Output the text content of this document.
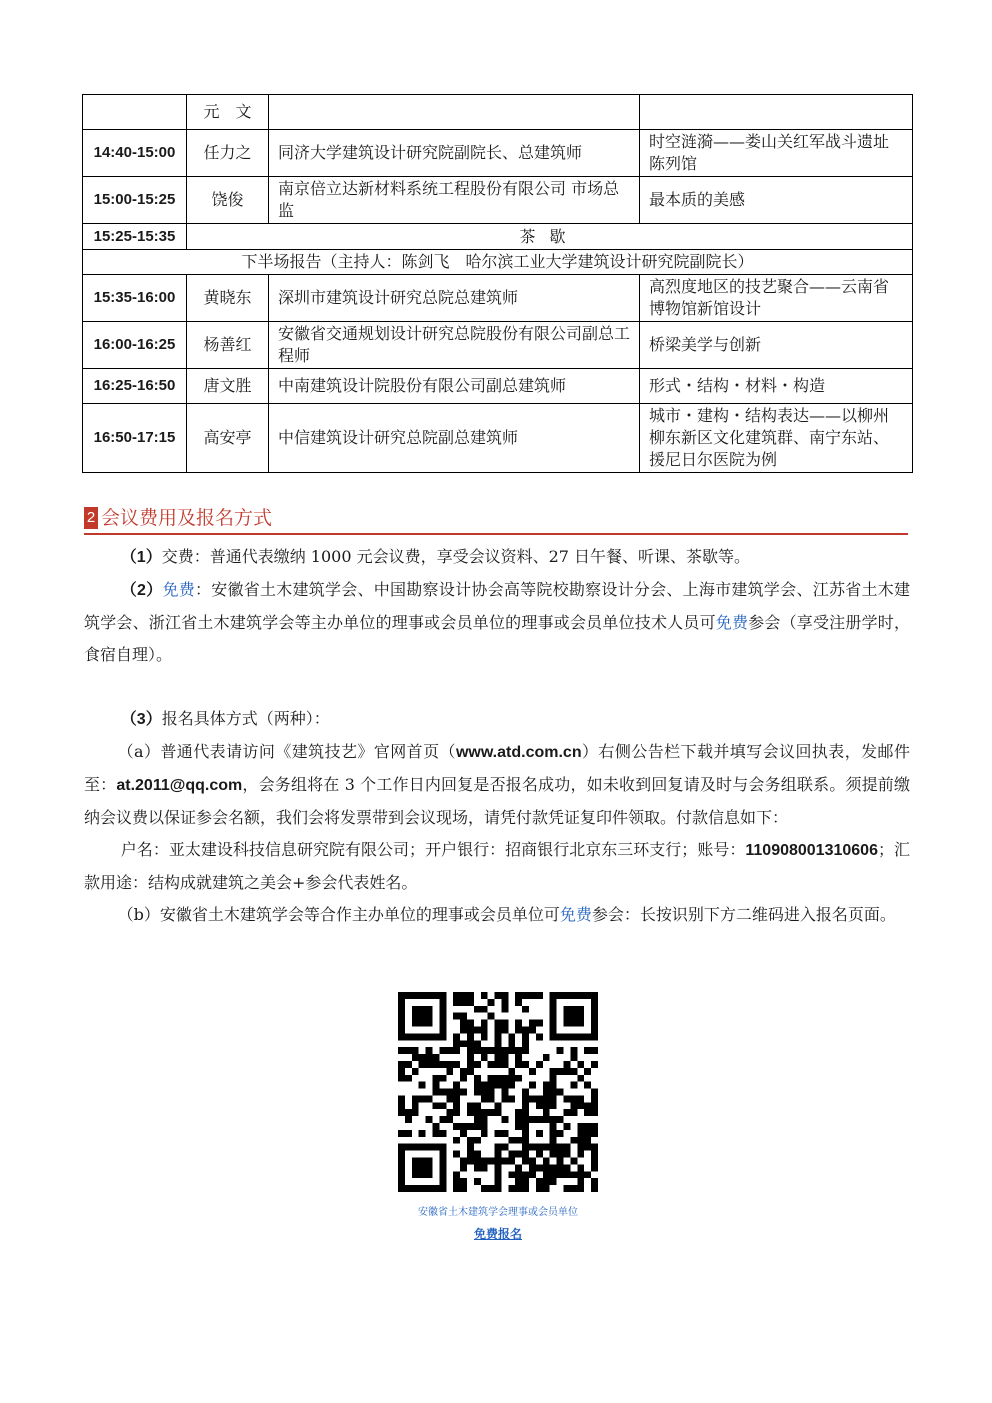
	元　文		
14:40-15:00	任力之	同济大学建筑设计研究院副院长、总建筑师	时空涟漪——娄山关红军战斗遗址陈列馆
15:00-15:25	饶俊	南京倍立达新材料系统工程股份有限公司 市场总监	最本质的美感
15:25-15:35	茶歇		
下半场报告（主持人：陈剑飞　哈尔滨工业大学建筑设计研究院副院长）			
15:35-16:00	黄晓东	深圳市建筑设计研究总院总建筑师	高烈度地区的技艺聚合——云南省博物馆新馆设计
16:00-16:25	杨善红	安徽省交通规划设计研究总院股份有限公司副总工程师	桥梁美学与创新
16:25-16:50	唐文胜	中南建筑设计院股份有限公司副总建筑师	形式・结构・材料・构造
16:50-17:15	高安亭	中信建筑设计研究总院副总建筑师	城市・建构・结构表达——以柳州柳东新区文化建筑群、南宁东站、援尼日尔医院为例
2 会议费用及报名方式

（1）交费：普通代表缴纳 1000 元会议费，享受会议资料、27 日午餐、听课、茶歇等。

（2）免费：安徽省土木建筑学会、中国勘察设计协会高等院校勘察设计分会、上海市建筑学会、江苏省土木建筑学会、浙江省土木建筑学会等主办单位的理事或会员单位的理事或会员单位技术人员可免费参会（享受注册学时，食宿自理）。

（3）报名具体方式（两种）：

（a）普通代表请访问《建筑技艺》官网首页（www.atd.com.cn）右侧公告栏下载并填写会议回执表，发邮件至：at.2011@qq.com，会务组将在 3 个工作日内回复是否报名成功，如未收到回复请及时与会务组联系。须提前缴纳会议费以保证参会名额，我们会将发票带到会议现场，请凭付款凭证复印件领取。付款信息如下：

户名：亚太建设科技信息研究院有限公司；开户银行：招商银行北京东三环支行；账号：110908001310606；汇款用途：结构成就建筑之美会+参会代表姓名。

（b）安徽省土木建筑学会等合作主办单位的理事或会员单位可免费参会：长按识别下方二维码进入报名页面。

安徽省土木建筑学会理事或会员单位
免费报名
